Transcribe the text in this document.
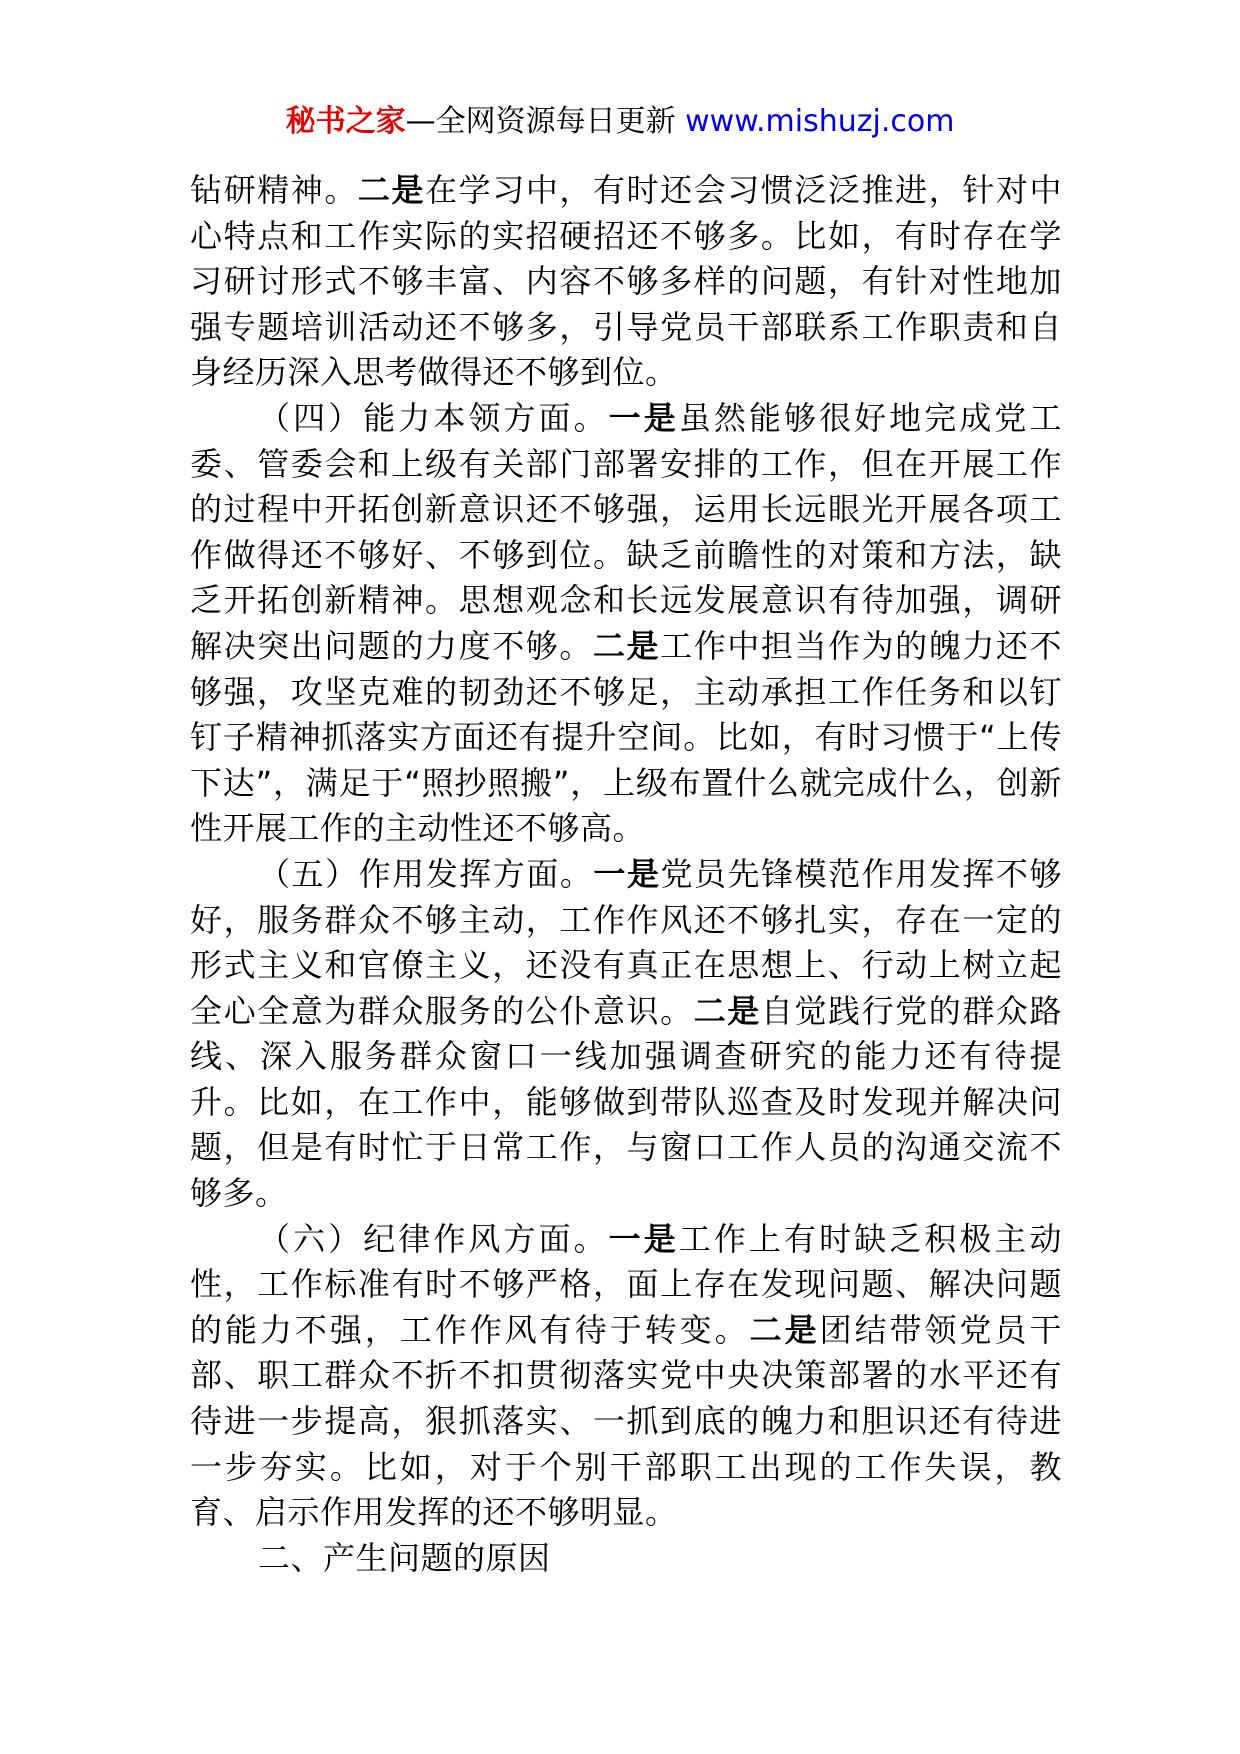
秘书之家—全网资源每日更新 www.mishuzj.com

钻研精神。二是在学习中，有时还会习惯泛泛推进，针对中心特点和工作实际的实招硬招还不够多。比如，有时存在学习研讨形式不够丰富、内容不够多样的问题，有针对性地加强专题培训活动还不够多，引导党员干部联系工作职责和自身经历深入思考做得还不够到位。

（四）能力本领方面。一是虽然能够很好地完成党工委、管委会和上级有关部门部署安排的工作，但在开展工作的过程中开拓创新意识还不够强，运用长远眼光开展各项工作做得还不够好、不够到位。缺乏前瞻性的对策和方法，缺乏开拓创新精神。思想观念和长远发展意识有待加强，调研解决突出问题的力度不够。二是工作中担当作为的魄力还不够强，攻坚克难的韧劲还不够足，主动承担工作任务和以钉钉子精神抓落实方面还有提升空间。比如，有时习惯于“上传下达”，满足于“照抄照搬”，上级布置什么就完成什么，创新性开展工作的主动性还不够高。

（五）作用发挥方面。一是党员先锋模范作用发挥不够好，服务群众不够主动，工作作风还不够扎实，存在一定的形式主义和官僚主义，还没有真正在思想上、行动上树立起全心全意为群众服务的公仆意识。二是自觉践行党的群众路线、深入服务群众窗口一线加强调查研究的能力还有待提升。比如，在工作中，能够做到带队巡查及时发现并解决问题，但是有时忙于日常工作，与窗口工作人员的沟通交流不够多。

（六）纪律作风方面。一是工作上有时缺乏积极主动性，工作标准有时不够严格，面上存在发现问题、解决问题的能力不强，工作作风有待于转变。二是团结带领党员干部、职工群众不折不扣贯彻落实党中央决策部署的水平还有待进一步提高，狠抓落实、一抓到底的魄力和胆识还有待进一步夯实。比如，对于个别干部职工出现的工作失误，教育、启示作用发挥的还不够明显。

二、产生问题的原因
